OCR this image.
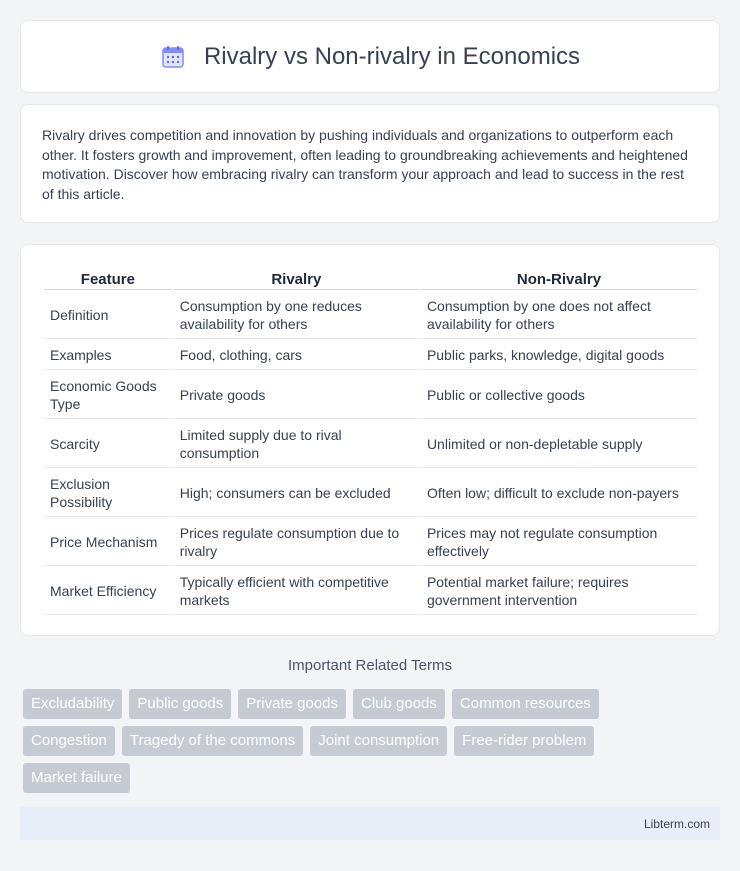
Rivalry vs Non-rivalry in Economics

Rivalry drives competition and innovation by pushing individuals and organizations to outperform each other. It fosters growth and improvement, often leading to groundbreaking achievements and heightened motivation. Discover how embracing rivalry can transform your approach and lead to success in the rest of this article.

Feature	Rivalry	Non-Rivalry
Definition	Consumption by one reduces availability for others	Consumption by one does not affect availability for others
Examples	Food, clothing, cars	Public parks, knowledge, digital goods
Economic Goods Type	Private goods	Public or collective goods
Scarcity	Limited supply due to rival consumption	Unlimited or non-depletable supply
Exclusion Possibility	High; consumers can be excluded	Often low; difficult to exclude non-payers
Price Mechanism	Prices regulate consumption due to rivalry	Prices may not regulate consumption effectively
Market Efficiency	Typically efficient with competitive markets	Potential market failure; requires government intervention
Important Related Terms
Excludability	Public goods	Private goods	Club goods	Common resources
Congestion	Tragedy of the commons	Joint consumption	Free-rider problem
Market failure
Libterm.com
